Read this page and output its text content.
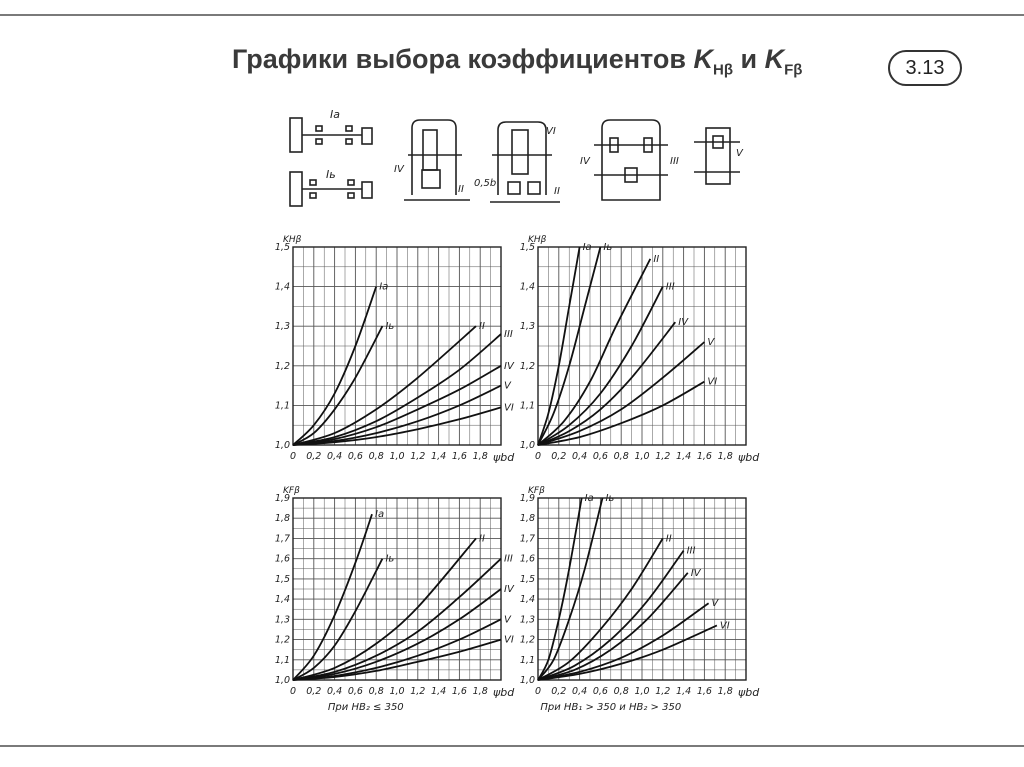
Графики выбора коэффициентов $K_{H\beta}$ и $K_{F\beta}$	3.13
Iа
Iь	IV
II
VI
0,5b
II
IV	III
V
0 0,2 0,4 0,6 0,8 1,0 1,2 1,4 1,6 1,8 ψbd
1,0
1,1
1,2
1,3
1,4
1,5
KHβ
Iа
Iь	II
III
IV
V
VI
0 0,2 0,4 0,6 0,8 1,0 1,2 1,4 1,6 1,8 ψbd
1,0
1,1
1,2
1,3
1,4
1,5
KHβ
Iа Iь
II
III
IV
V
VI
0 0,2 0,4 0,6 0,8 1,0 1,2 1,4 1,6 1,8 ψbd
1,0
1,1
1,2
1,3
1,4
1,5
1,6
1,7
1,8
1,9
KFβ
При HB₂ ≤ 350
Iа
Iь
II
III
IV
V
VI
0 0,2 0,4 0,6 0,8 1,0 1,2 1,4 1,6 1,8 ψbd
1,0
1,1
1,2
1,3
1,4
1,5
1,6
1,7
1,8
1,9
KFβ
При HB₁ > 350 и HB₂ > 350
Iа Iь
II
III
IV
V
VI
